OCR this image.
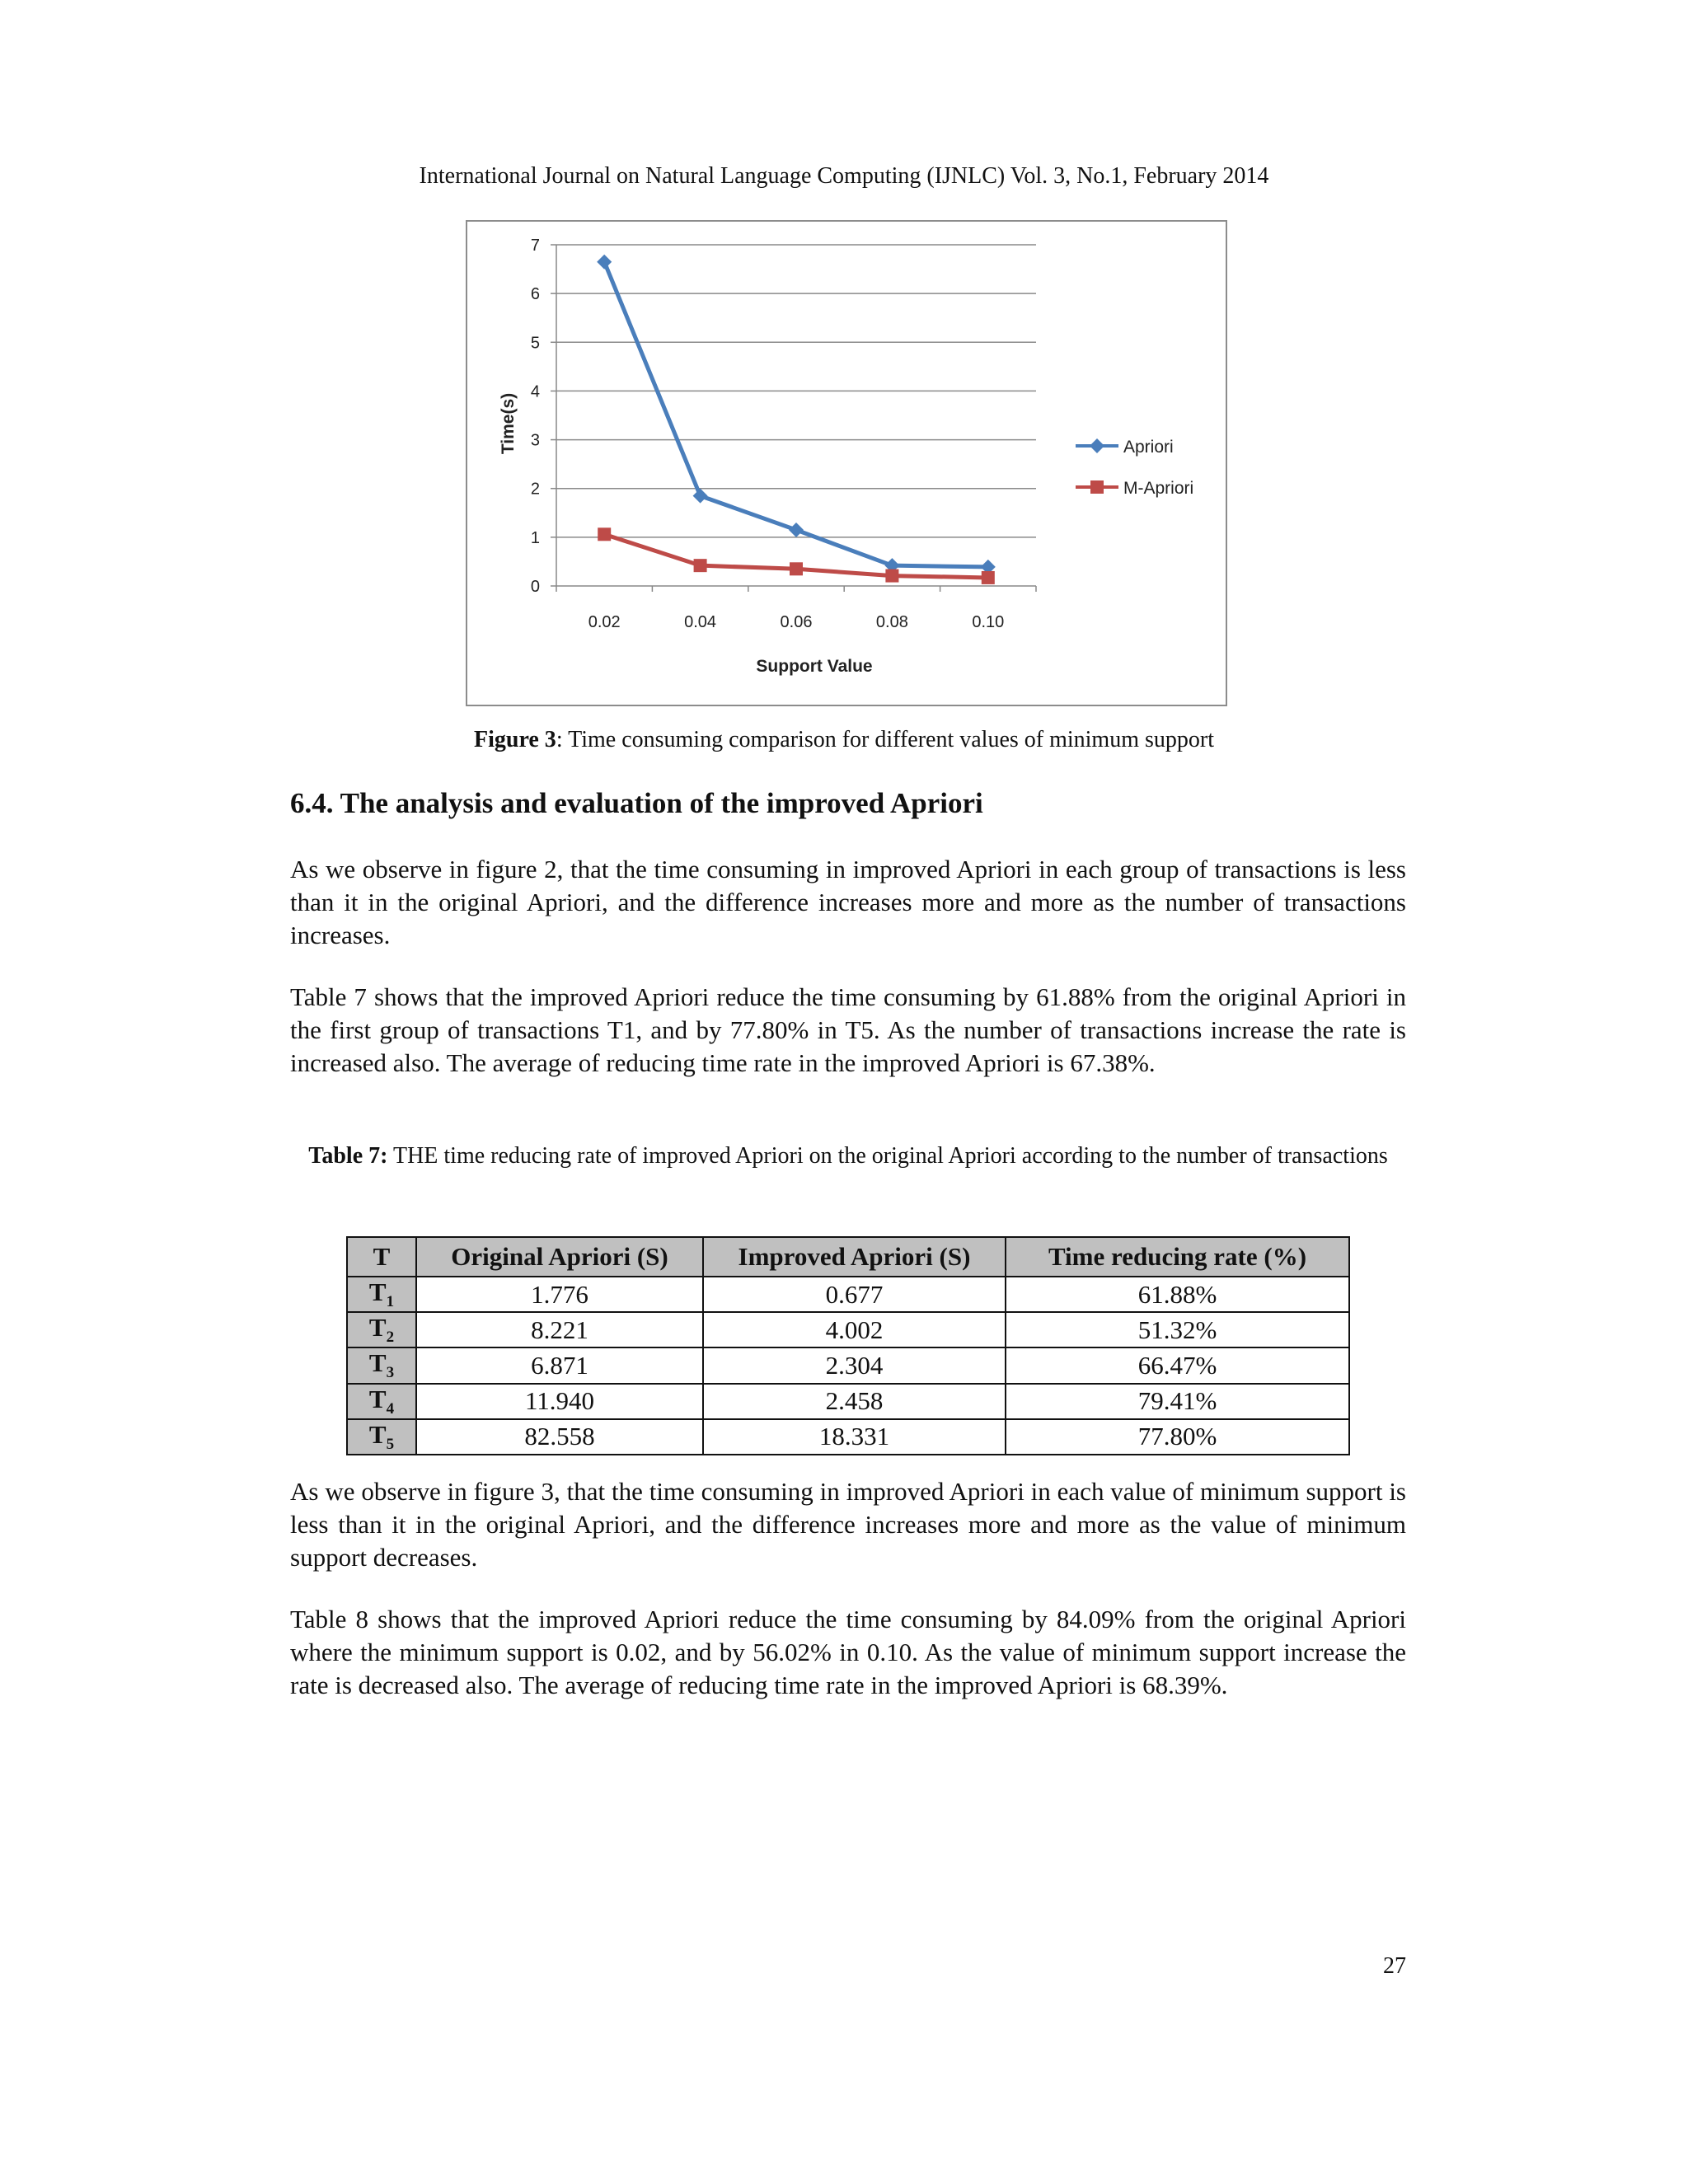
International Journal on Natural Language Computing (IJNLC) Vol. 3, No.1, February 2014
0
1
2
3
4
5
6
7
0.02	0.04	0.06	0.08	0.10
Support Value
Time(s)	Apriori
M-Apriori
Figure 3: Time consuming comparison for different values of minimum support
6.4. The analysis and evaluation of the improved Apriori

As we observe in figure 2, that the time consuming in improved Apriori in each group of transactions is less than it in the original Apriori, and the difference increases more and more as the number of transactions increases.

Table 7 shows that the improved Apriori reduce the time consuming by 61.88% from the original Apriori in the first group of transactions T1, and by 77.80% in T5. As the number of transactions increase the rate is increased also. The average of reducing time rate in the improved Apriori is 67.38%.

Table 7: THE time reducing rate of improved Apriori on the original Apriori according to the number of transactions
T	Original Apriori (S)	Improved Apriori (S)	Time reducing rate (%)
$T_1$	1.776	0.677	61.88%
$T_2$	8.221	4.002	51.32%
$T_3$	6.871	2.304	66.47%
$T_4$	11.940	2.458	79.41%
$T_5$	82.558	18.331	77.80%

As we observe in figure 3, that the time consuming in improved Apriori in each value of minimum support is less than it in the original Apriori, and the difference increases more and more as the value of minimum support decreases.

Table 8 shows that the improved Apriori reduce the time consuming by 84.09% from the original Apriori where the minimum support is 0.02, and by 56.02% in 0.10. As the value of minimum support increase the rate is decreased also. The average of reducing time rate in the improved Apriori is 68.39%.

27
